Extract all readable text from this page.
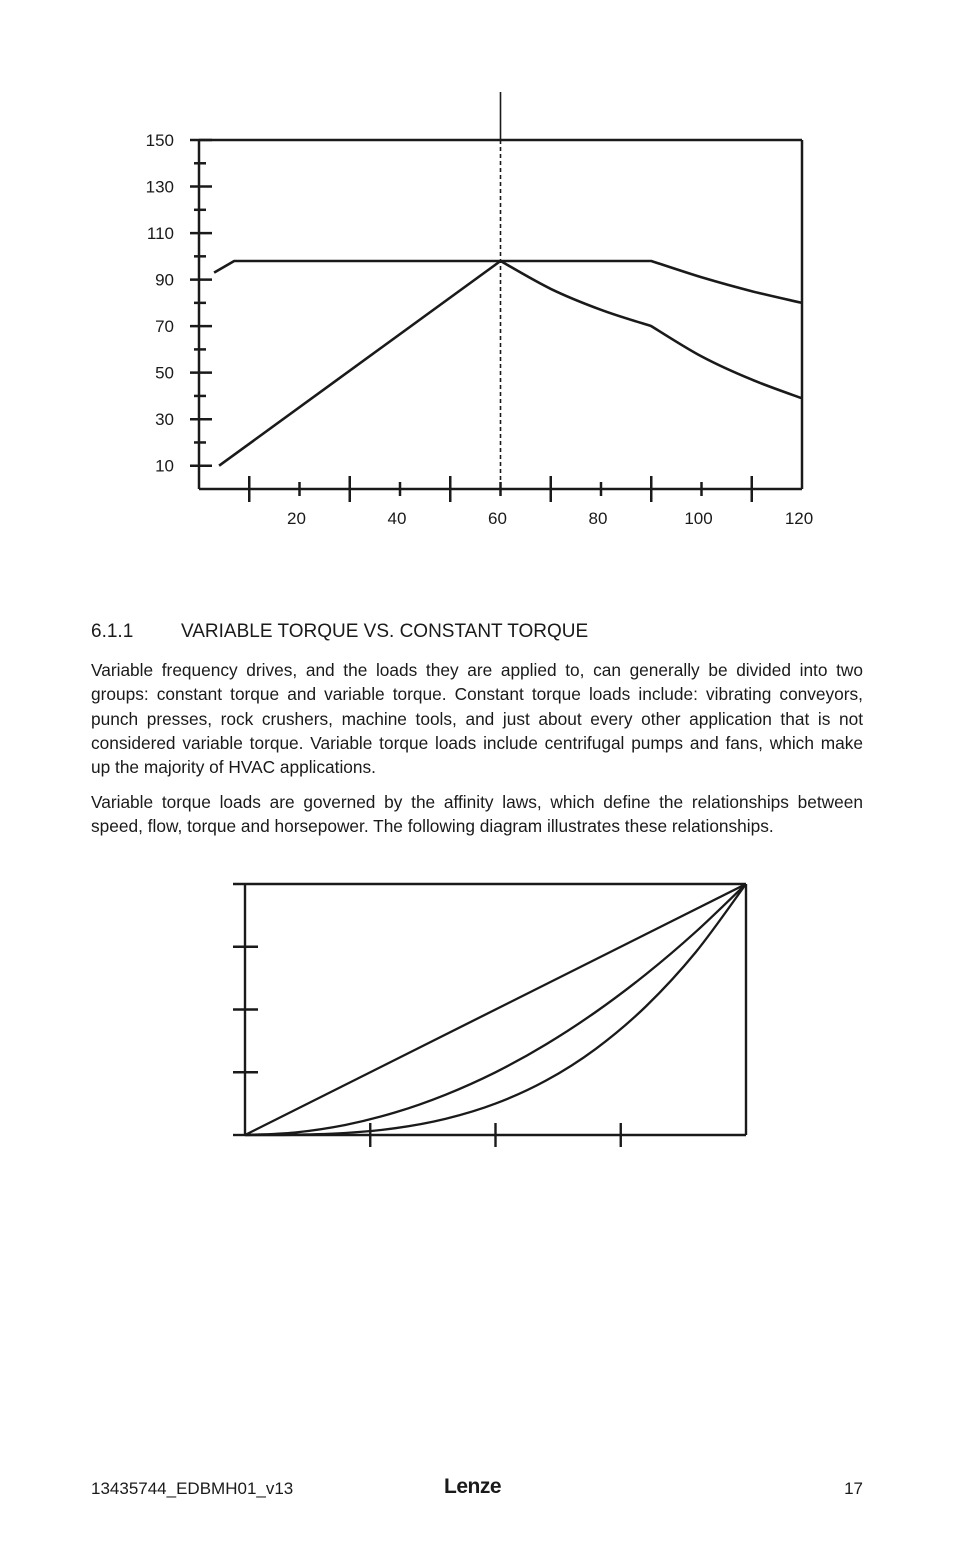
10
30
50
70
90
110
130
150
20	40	60	80	100	120
6.1.1	VARIABLE TORQUE VS. CONSTANT TORQUE

Variable frequency drives, and the loads they are applied to, can generally be divided into two groups: constant torque and variable torque. Constant torque loads include: vibrating conveyors, punch presses, rock crushers, machine tools, and just about every other application that is not considered variable torque. Variable torque loads include centrifugal pumps and fans, which make up the majority of HVAC applications.

Variable torque loads are governed by the affinity laws, which define the relationships between speed, flow, torque and horsepower. The following diagram illustrates these relationships.

13435744_EDBMH01_v13	Lenze	17
